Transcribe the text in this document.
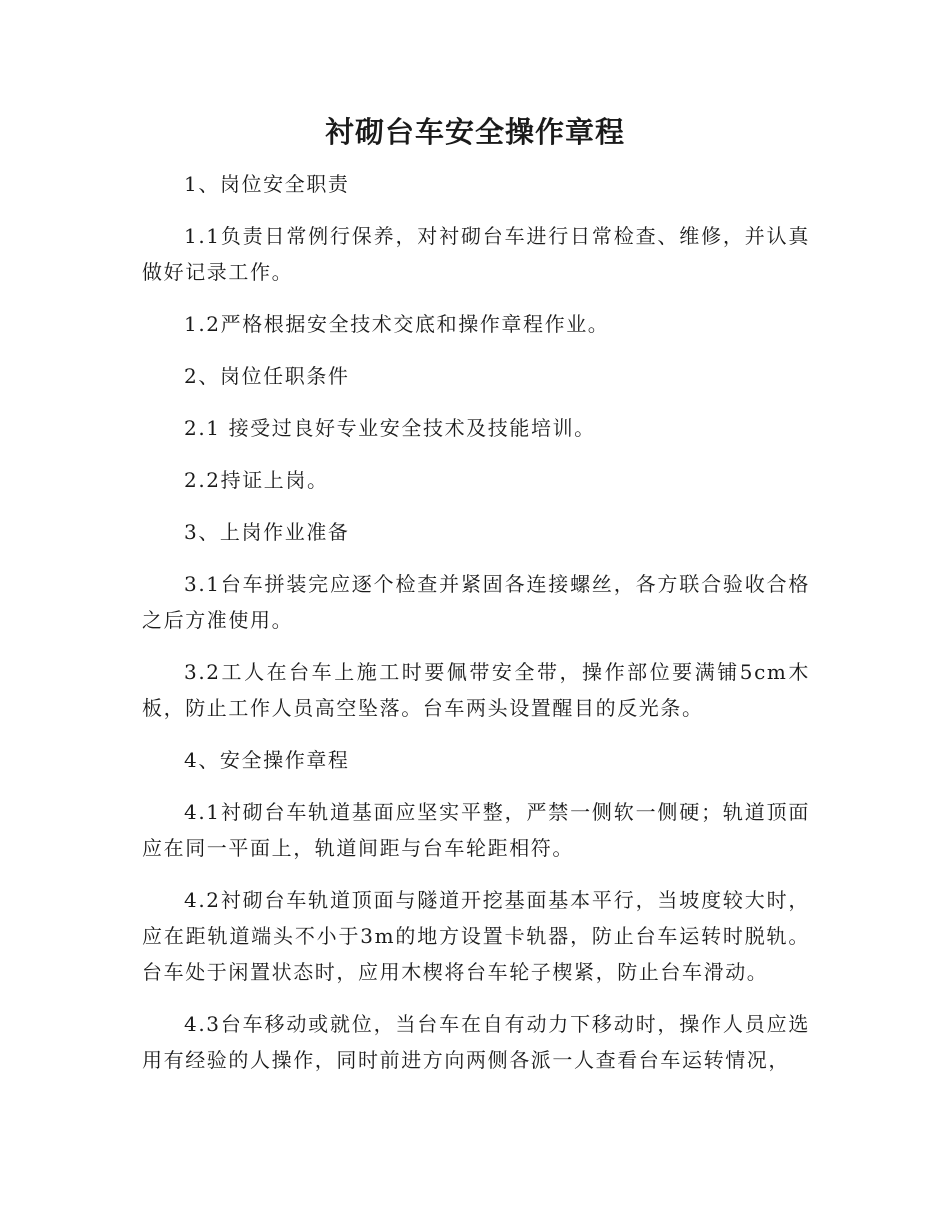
衬砌台车安全操作章程

1、岗位安全职责

1.1负责日常例行保养，对衬砌台车进行日常检查、维修，并认真做好记录工作。

1.2严格根据安全技术交底和操作章程作业。

2、岗位任职条件

2.1 接受过良好专业安全技术及技能培训。

2.2持证上岗。

3、上岗作业准备

3.1台车拼装完应逐个检查并紧固各连接螺丝，各方联合验收合格之后方准使用。

3.2工人在台车上施工时要佩带安全带，操作部位要满铺5cm木板，防止工作人员高空坠落。台车两头设置醒目的反光条。

4、安全操作章程

4.1衬砌台车轨道基面应坚实平整，严禁一侧软一侧硬；轨道顶面应在同一平面上，轨道间距与台车轮距相符。

4.2衬砌台车轨道顶面与隧道开挖基面基本平行，当坡度较大时，应在距轨道端头不小于3m的地方设置卡轨器，防止台车运转时脱轨。台车处于闲置状态时，应用木楔将台车轮子楔紧，防止台车滑动。

4.3台车移动或就位，当台车在自有动力下移动时，操作人员应选用有经验的人操作，同时前进方向两侧各派一人查看台车运转情况，
